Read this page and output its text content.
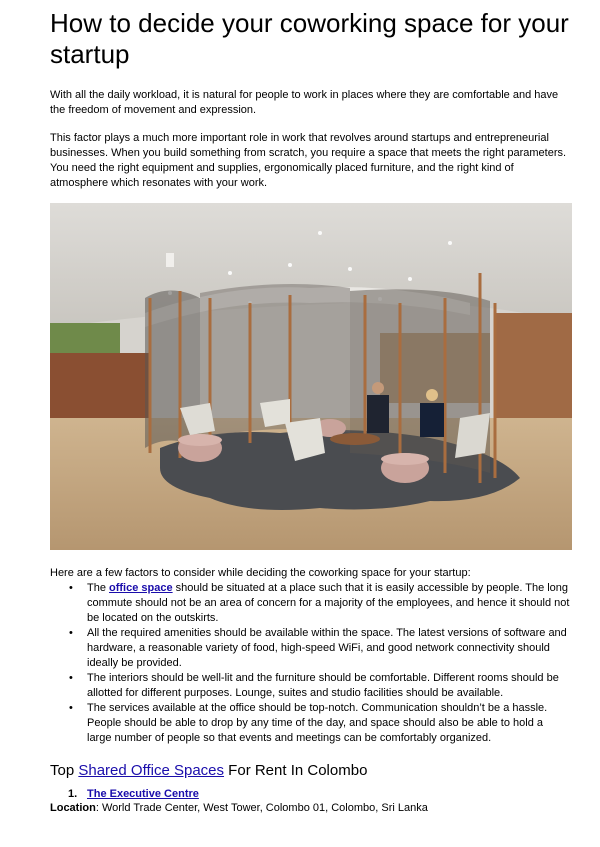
How to decide your coworking space for your startup

With all the daily workload, it is natural for people to work in places where they are comfortable and have the freedom of movement and expression.

This factor plays a much more important role in work that revolves around startups and entrepreneurial businesses. When you build something from scratch, you require a space that meets the right parameters. You need the right equipment and supplies, ergonomically placed furniture, and the right kind of atmosphere which resonates with your work.

Here are a few factors to consider while deciding the coworking space for your startup:

• The office space should be situated at a place such that it is easily accessible by people. The long commute should not be an area of concern for a majority of the employees, and hence it should not be located on the outskirts.
• All the required amenities should be available within the space. The latest versions of software and hardware, a reasonable variety of food, high-speed WiFi, and good network connectivity should ideally be provided.
• The interiors should be well-lit and the furniture should be comfortable. Different rooms should be allotted for different purposes. Lounge, suites and studio facilities should be available.
• The services available at the office should be top-notch. Communication shouldn’t be a hassle. People should be able to drop by any time of the day, and space should also be able to hold a large number of people so that events and meetings can be comfortably organized.
Top Shared Office Spaces For Rent In Colombo
1. The Executive Centre
Location: World Trade Center, West Tower, Colombo 01, Colombo, Sri Lanka
